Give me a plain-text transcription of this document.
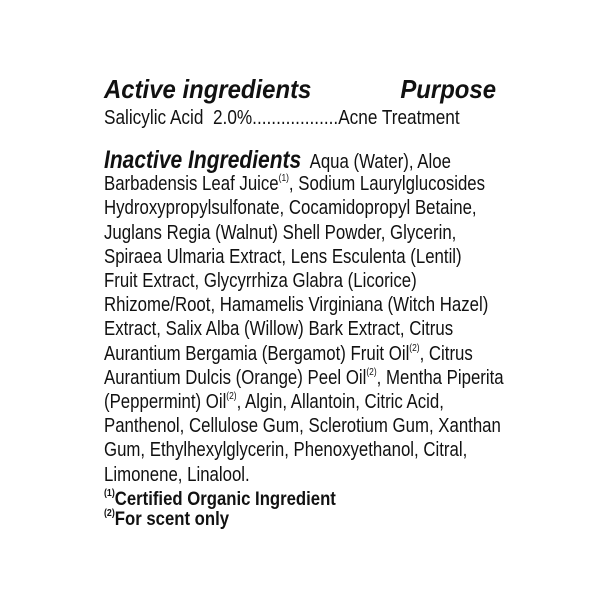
Active ingredients	Purpose
Salicylic Acid  2.0%..................Acne Treatment
Inactive Ingredients Aqua (Water), Aloe
Barbadensis Leaf Juice$^{(1)}$, Sodium Laurylglucosides
Hydroxypropylsulfonate, Cocamidopropyl Betaine,
Juglans Regia (Walnut) Shell Powder, Glycerin,
Spiraea Ulmaria Extract, Lens Esculenta (Lentil)
Fruit Extract, Glycyrrhiza Glabra (Licorice)
Rhizome/Root, Hamamelis Virginiana (Witch Hazel)
Extract, Salix Alba (Willow) Bark Extract, Citrus
Aurantium Bergamia (Bergamot) Fruit Oil$^{(2)}$, Citrus
Aurantium Dulcis (Orange) Peel Oil$^{(2)}$, Mentha Piperita
(Peppermint) Oil$^{(2)}$, Algin, Allantoin, Citric Acid,
Panthenol, Cellulose Gum, Sclerotium Gum, Xanthan
Gum, Ethylhexylglycerin, Phenoxyethanol, Citral,
Limonene, Linalool.
$^{(1)}$Certified Organic Ingredient
$^{(2)}$For scent only
